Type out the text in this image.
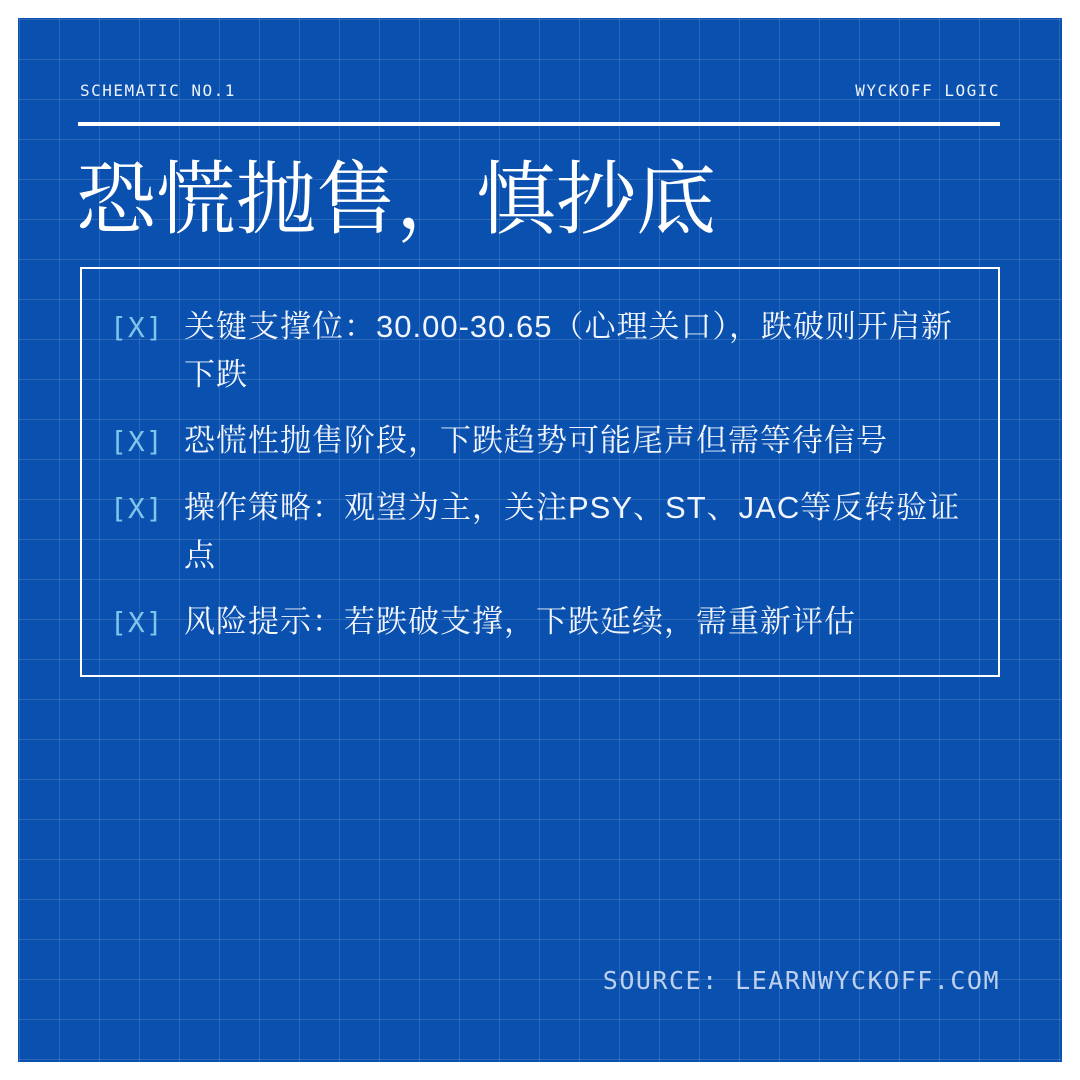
SCHEMATIC NO.1	WYCKOFF LOGIC
恐慌抛售，慎抄底
[X] 关键支撑位：30.00-30.65（心理关口），跌破则开启新下跌
[X] 恐慌性抛售阶段，下跌趋势可能尾声但需等待信号
[X] 操作策略：观望为主，关注PSY、ST、JAC等反转验证点
[X] 风险提示：若跌破支撑，下跌延续，需重新评估
SOURCE: LEARNWYCKOFF.COM
